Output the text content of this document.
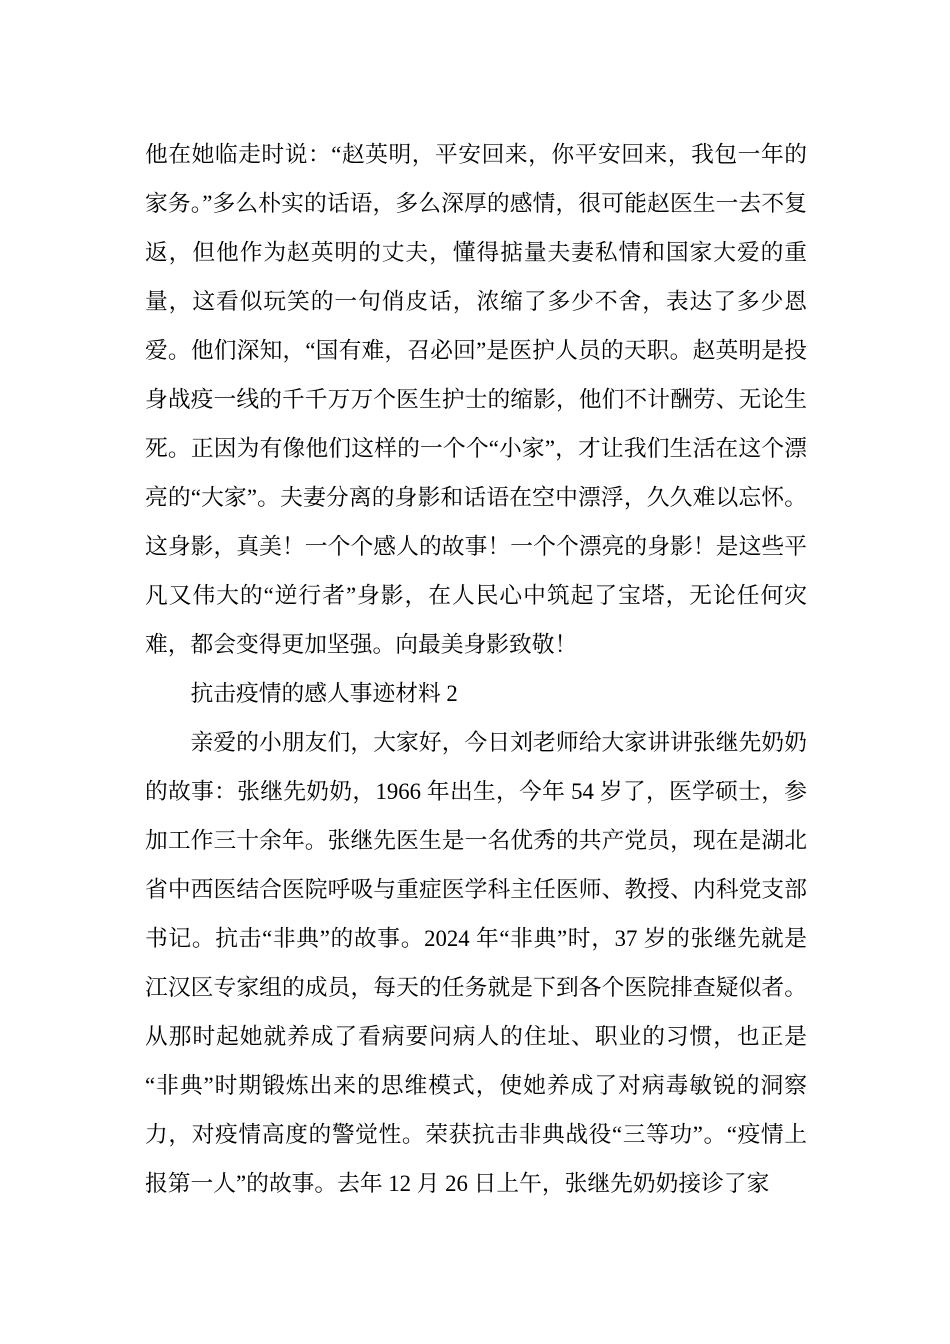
他在她临走时说：“赵英明，平安回来，你平安回来，我包一年的家务。”多么朴实的话语，多么深厚的感情，很可能赵医生一去不复返，但他作为赵英明的丈夫，懂得掂量夫妻私情和国家大爱的重量，这看似玩笑的一句俏皮话，浓缩了多少不舍，表达了多少恩爱。他们深知，“国有难，召必回”是医护人员的天职。赵英明是投身战疫一线的千千万万个医生护士的缩影，他们不计酬劳、无论生死。正因为有像他们这样的一个个“小家”，才让我们生活在这个漂亮的“大家”。夫妻分离的身影和话语在空中漂浮，久久难以忘怀。这身影，真美！一个个感人的故事！一个个漂亮的身影！是这些平凡又伟大的“逆行者”身影，在人民心中筑起了宝塔，无论任何灾难，都会变得更加坚强。向最美身影致敬！

抗击疫情的感人事迹材料 2

亲爱的小朋友们，大家好，今日刘老师给大家讲讲张继先奶奶的故事：张继先奶奶，1966 年出生，今年 54 岁了，医学硕士，参加工作三十余年。张继先医生是一名优秀的共产党员，现在是湖北省中西医结合医院呼吸与重症医学科主任医师、教授、内科党支部书记。抗击“非典”的故事。2024 年“非典”时，37 岁的张继先就是江汉区专家组的成员，每天的任务就是下到各个医院排查疑似者。从那时起她就养成了看病要问病人的住址、职业的习惯，也正是“非典”时期锻炼出来的思维模式，使她养成了对病毒敏锐的洞察力，对疫情高度的警觉性。荣获抗击非典战役“三等功”。“疫情上报第一人”的故事。去年 12 月 26 日上午，张继先奶奶接诊了家
